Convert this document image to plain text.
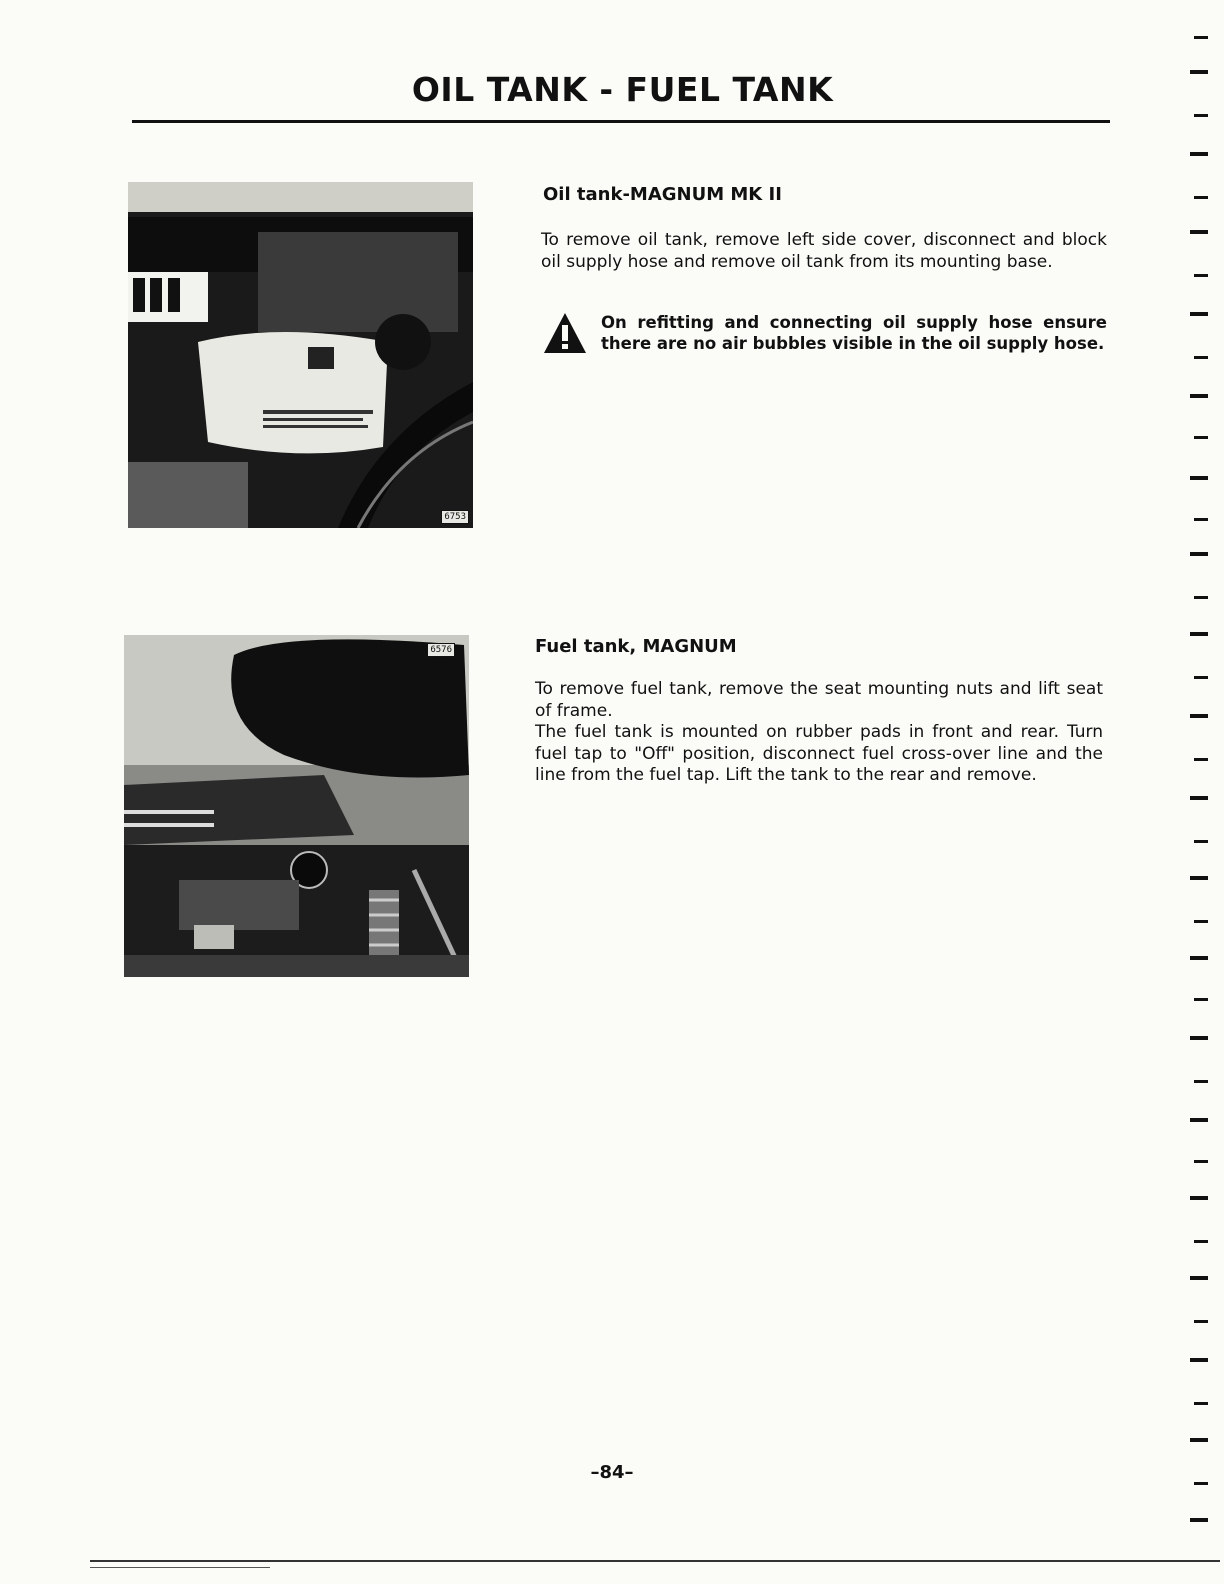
OIL TANK - FUEL TANK
6753
Oil tank-MAGNUM MK II

To remove oil tank, remove left side cover, disconnect and block oil supply hose and remove oil tank from its mounting base.

On refitting and connecting oil supply hose ensure there are no air bubbles visible in the oil supply hose.

6576	Fuel tank, MAGNUM

To remove fuel tank, remove the seat mounting nuts and lift seat of frame.

The fuel tank is mounted on rubber pads in front and rear. Turn fuel tap to "Off" position, disconnect fuel cross-over line and the line from the fuel tap. Lift the tank to the rear and remove.

–84–
